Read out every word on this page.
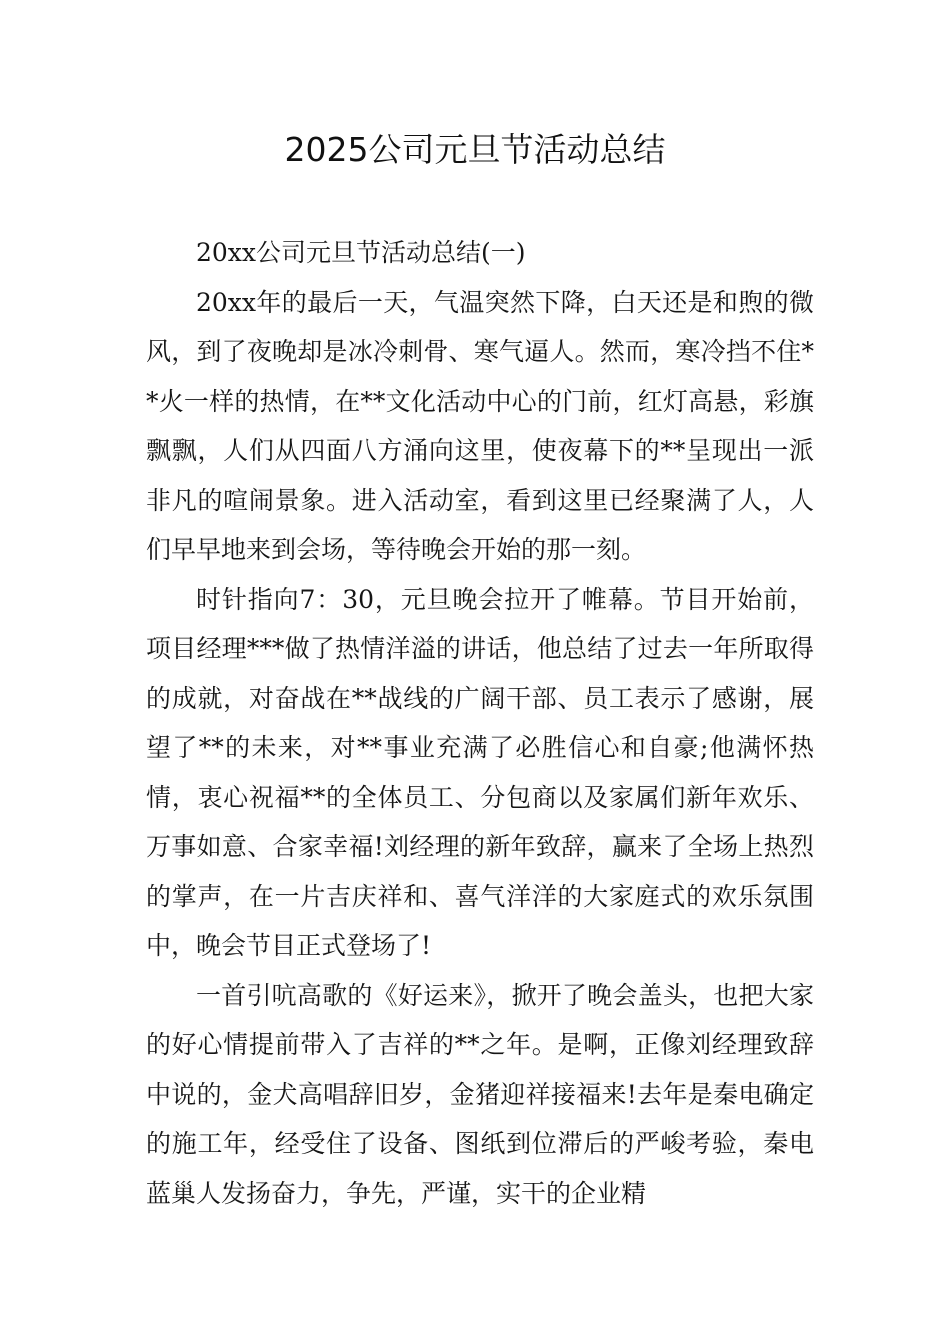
2025公司元旦节活动总结

20xx公司元旦节活动总结(一)

20xx年的最后一天，气温突然下降，白天还是和煦的微风，到了夜晚却是冰冷刺骨、寒气逼人。然而，寒冷挡不住**火一样的热情，在**文化活动中心的门前，红灯高悬，彩旗飘飘，人们从四面八方涌向这里，使夜幕下的**呈现出一派非凡的喧闹景象。进入活动室，看到这里已经聚满了人，人们早早地来到会场，等待晚会开始的那一刻。

时针指向7：30，元旦晚会拉开了帷幕。节目开始前，项目经理***做了热情洋溢的讲话，他总结了过去一年所取得的成就，对奋战在**战线的广阔干部、员工表示了感谢，展望了**的未来，对**事业充满了必胜信心和自豪;他满怀热情，衷心祝福**的全体员工、分包商以及家属们新年欢乐、万事如意、合家幸福!刘经理的新年致辞，赢来了全场上热烈的掌声，在一片吉庆祥和、喜气洋洋的大家庭式的欢乐氛围中，晚会节目正式登场了!

一首引吭高歌的《好运来》，掀开了晚会盖头，也把大家的好心情提前带入了吉祥的**之年。是啊，正像刘经理致辞中说的，金犬高唱辞旧岁，金猪迎祥接福来!去年是秦电确定的施工年，经受住了设备、图纸到位滞后的严峻考验，秦电蓝巢人发扬奋力，争先，严谨，实干的企业精
